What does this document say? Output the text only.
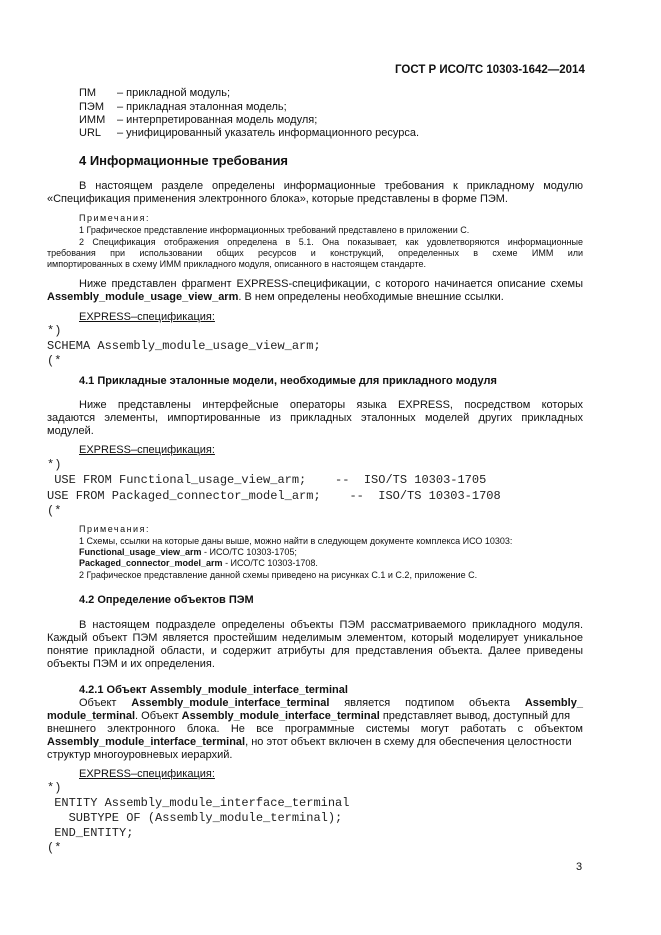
ГОСТ Р ИСО/ТС 10303-1642—2014
ПМ – прикладной модуль;
ПЭМ – прикладная эталонная модель;
ИММ – интерпретированная модель модуля;
URL – унифицированный указатель информационного ресурса.
4 Информационные требования
В настоящем разделе определены информационные требования к прикладному модулю
«Спецификация применения электронного блока», которые представлены в форме ПЭМ.
Примечания:
1 Графическое представление информационных требований представлено в приложении С.
2 Спецификация отображения определена в 5.1. Она показывает, как удовлетворяются информационные
требования при использовании общих ресурсов и конструкций, определенных в схеме ИММ или
импортированных в схему ИММ прикладного модуля, описанного в настоящем стандарте.
Ниже представлен фрагмент EXPRESS-спецификации, с которого начинается описание схемы
Assembly_module_usage_view_arm. В нем определены необходимые внешние ссылки.
EXPRESS–спецификация:
*)
SCHEMA Assembly_module_usage_view_arm;
(*
4.1 Прикладные эталонные модели, необходимые для прикладного модуля
Ниже представлены интерфейсные операторы языка EXPRESS, посредством которых
задаются элементы, импортированные из прикладных эталонных моделей других прикладных
модулей.
EXPRESS–спецификация:
*)
USE FROM Functional_usage_view_arm;    --  ISO/TS 10303-1705
USE FROM Packaged_connector_model_arm;    --  ISO/TS 10303-1708
(*
Примечания:
1 Схемы, ссылки на которые даны выше, можно найти в следующем документе комплекса ИСО 10303:
Functional_usage_view_arm - ИСО/ТС 10303-1705;
Packaged_connector_model_arm - ИСО/ТС 10303-1708.
2 Графическое представление данной схемы приведено на рисунках С.1 и С.2, приложение С.
4.2 Определение объектов ПЭМ
В настоящем подразделе определены объекты ПЭМ рассматриваемого прикладного модуля.
Каждый объект ПЭМ является простейшим неделимым элементом, который моделирует уникальное
понятие прикладной области, и содержит атрибуты для представления объекта. Далее приведены
объекты ПЭМ и их определения.
4.2.1 Объект Assembly_module_interface_terminal
Объект Assembly_module_interface_terminal является подтипом объекта Assembly_
module_terminal. Объект Assembly_module_interface_terminal представляет вывод, доступный для
внешнего электронного блока. Не все программные системы могут работать с объектом
Assembly_module_interface_terminal, но этот объект включен в схему для обеспечения целостности
структур многоуровневых иерархий.
EXPRESS–спецификация:
*)
ENTITY Assembly_module_interface_terminal
SUBTYPE OF (Assembly_module_terminal);
END_ENTITY;
(*
3
